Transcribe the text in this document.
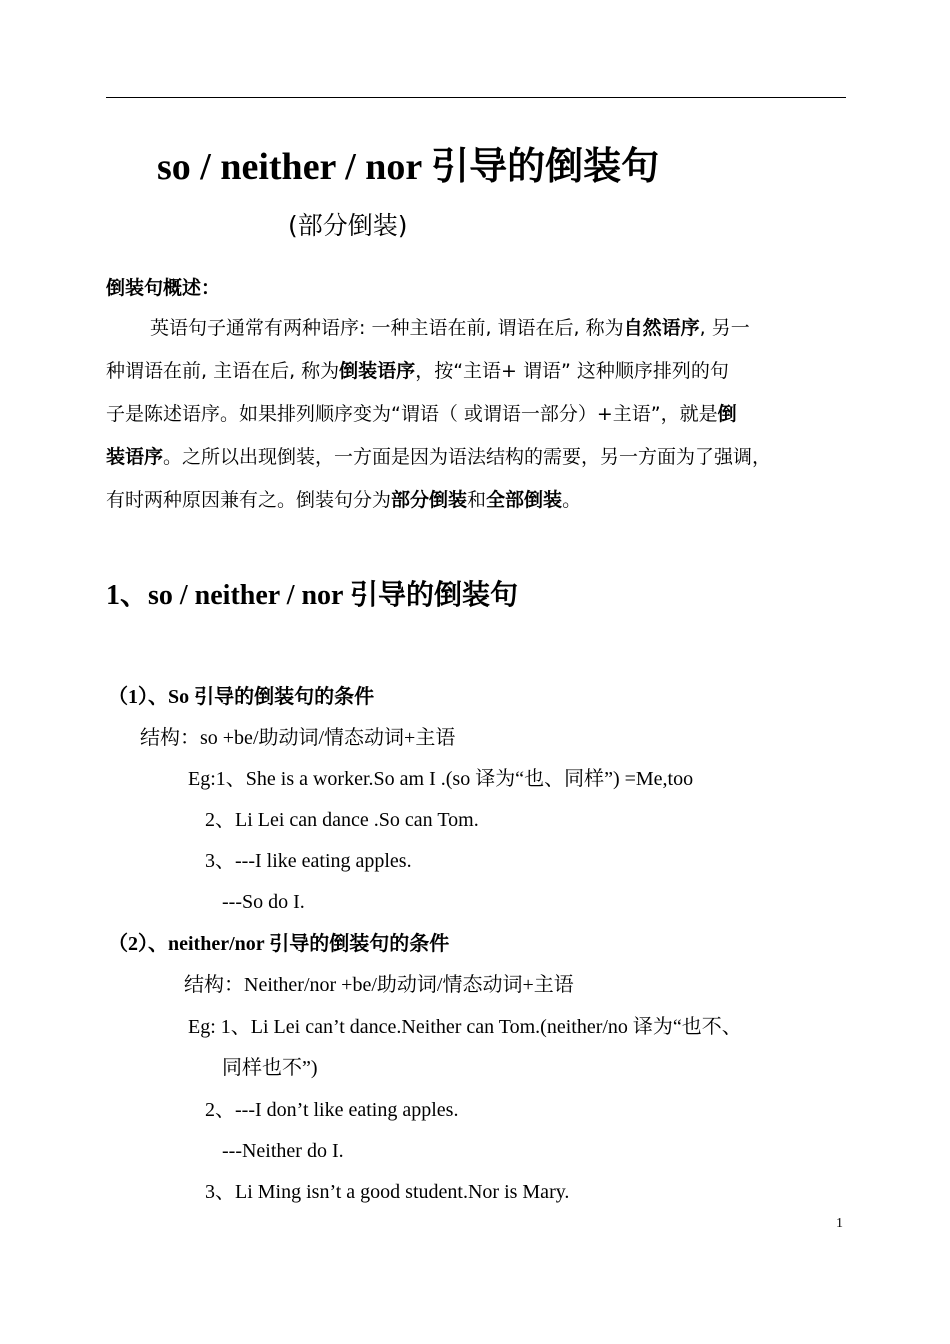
so / neither / nor 引导的倒装句
(部分倒装)
倒装句概述：
英语句子通常有两种语序: 一种主语在前, 谓语在后, 称为自然语序, 另一
种谓语在前, 主语在后, 称为倒装语序，按“主语+ 谓语” 这种顺序排列的句
子是陈述语序。如果排列顺序变为“谓语（ 或谓语一部分）+主语”，就是倒
装语序。之所以出现倒装，一方面是因为语法结构的需要，另一方面为了强调，
有时两种原因兼有之。倒装句分为部分倒装和全部倒装。
1、so / neither / nor 引导的倒装句
（1）、So 引导的倒装句的条件
结构：so +be/助动词/情态动词+主语
Eg:1、She is a worker.So am I .(so 译为“也、同样”) =Me,too
2、Li Lei can dance .So can Tom.
3、---I like eating apples.
---So do I.
（2）、neither/nor 引导的倒装句的条件
结构：Neither/nor +be/助动词/情态动词+主语
Eg: 1、Li Lei can’t dance.Neither can Tom.(neither/no 译为“也不、
同样也不”)
2、---I don’t like eating apples.
---Neither do I.
3、Li Ming isn’t a good student.Nor is Mary.
1
